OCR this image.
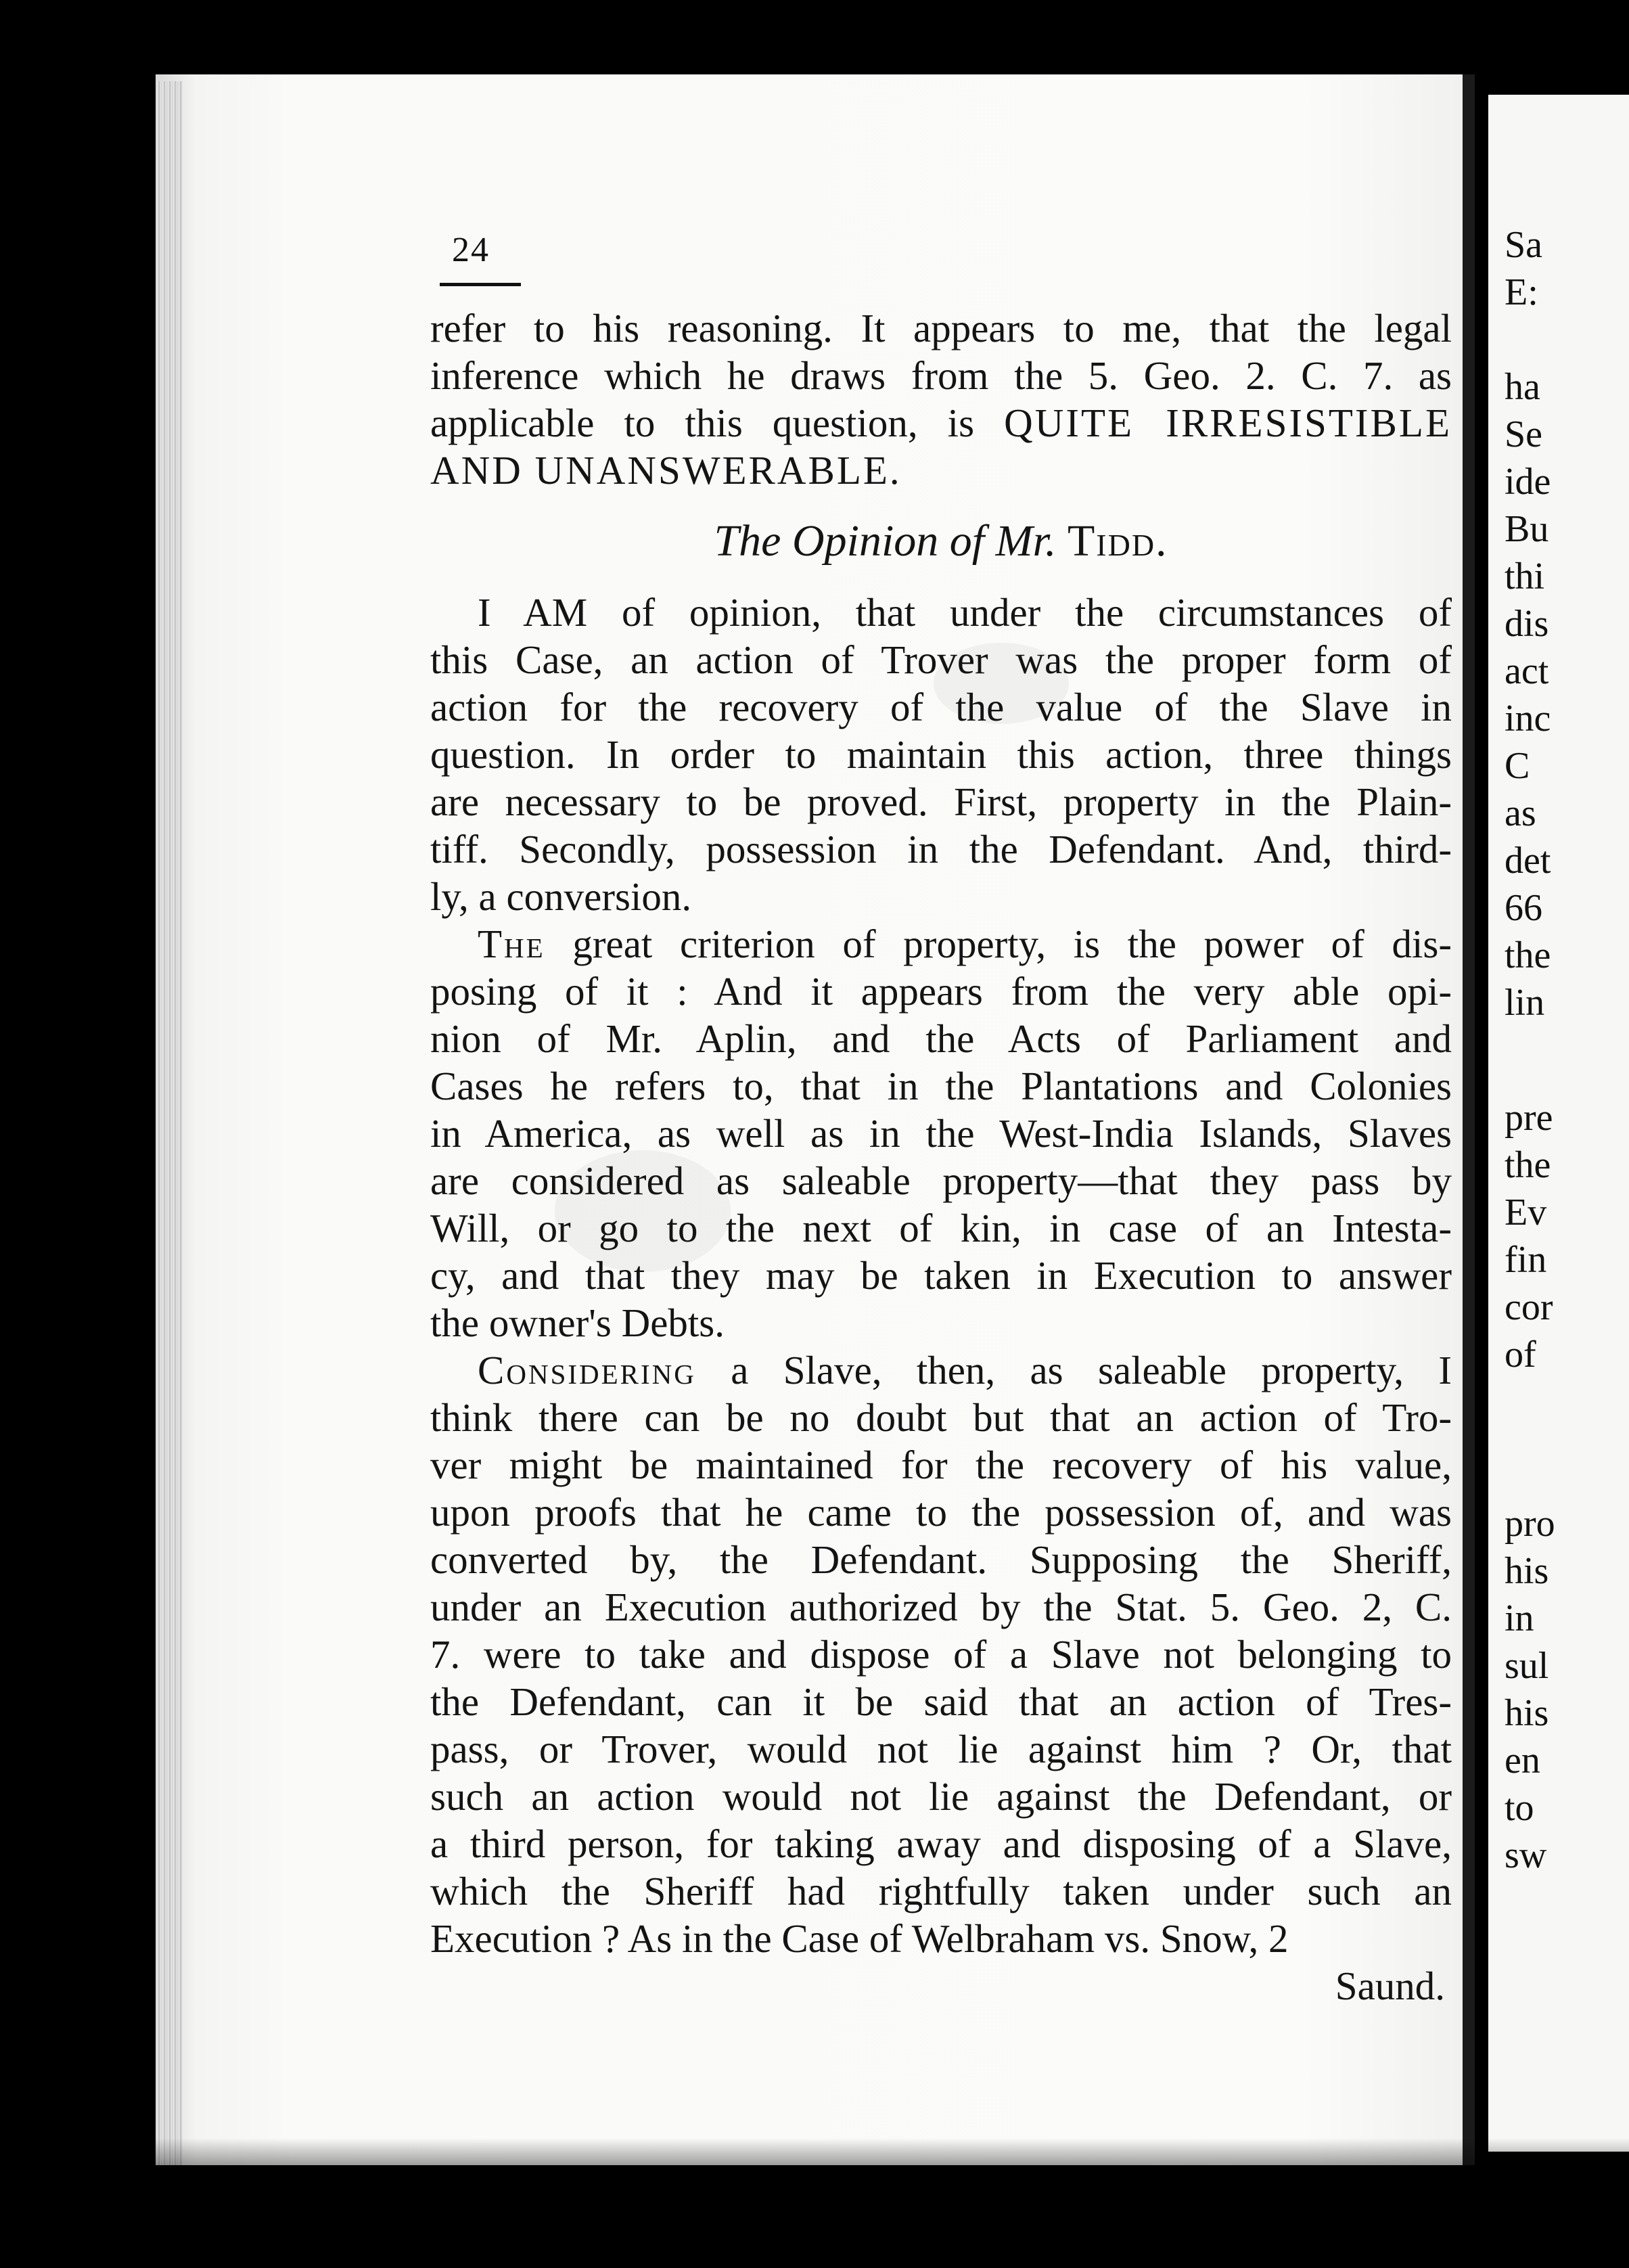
Sa
E:
ha
Se
ide
Bu
thi
dis
act
inc
C
as
det
66
the
lin
pre
the
Ev
fin
cor
of
pro
his
in
sul
his
en
to
sw
24
refer to his reasoning. It appears to me, that the legal
inference which he draws from the 5. Geo. 2. C. 7. as
applicable to this question, is QUITE IRRESISTIBLE
AND UNANSWERABLE.
The Opinion of Mr. Tidd.
I AM of opinion, that under the circumstances of
this Case, an action of Trover was the proper form of
action for the recovery of the value of the Slave in
question. In order to maintain this action, three things
are necessary to be proved. First, property in the Plain-
tiff. Secondly, possession in the Defendant. And, third-
ly, a conversion.
The great criterion of property, is the power of dis-
posing of it : And it appears from the very able opi-
nion of Mr. Aplin, and the Acts of Parliament and
Cases he refers to, that in the Plantations and Colonies
in America, as well as in the West-India Islands, Slaves
are considered as saleable property—that they pass by
Will, or go to the next of kin, in case of an Intesta-
cy, and that they may be taken in Execution to answer
the owner's Debts.
Considering a Slave, then, as saleable property, I
think there can be no doubt but that an action of Tro-
ver might be maintained for the recovery of his value,
upon proofs that he came to the possession of, and was
converted by, the Defendant. Supposing the Sheriff,
under an Execution authorized by the Stat. 5. Geo. 2, C.
7. were to take and dispose of a Slave not belonging to
the Defendant, can it be said that an action of Tres-
pass, or Trover, would not lie against him ? Or, that
such an action would not lie against the Defendant, or
a third person, for taking away and disposing of a Slave,
which the Sheriff had rightfully taken under such an
Execution ? As in the Case of Welbraham vs. Snow, 2
Saund.
